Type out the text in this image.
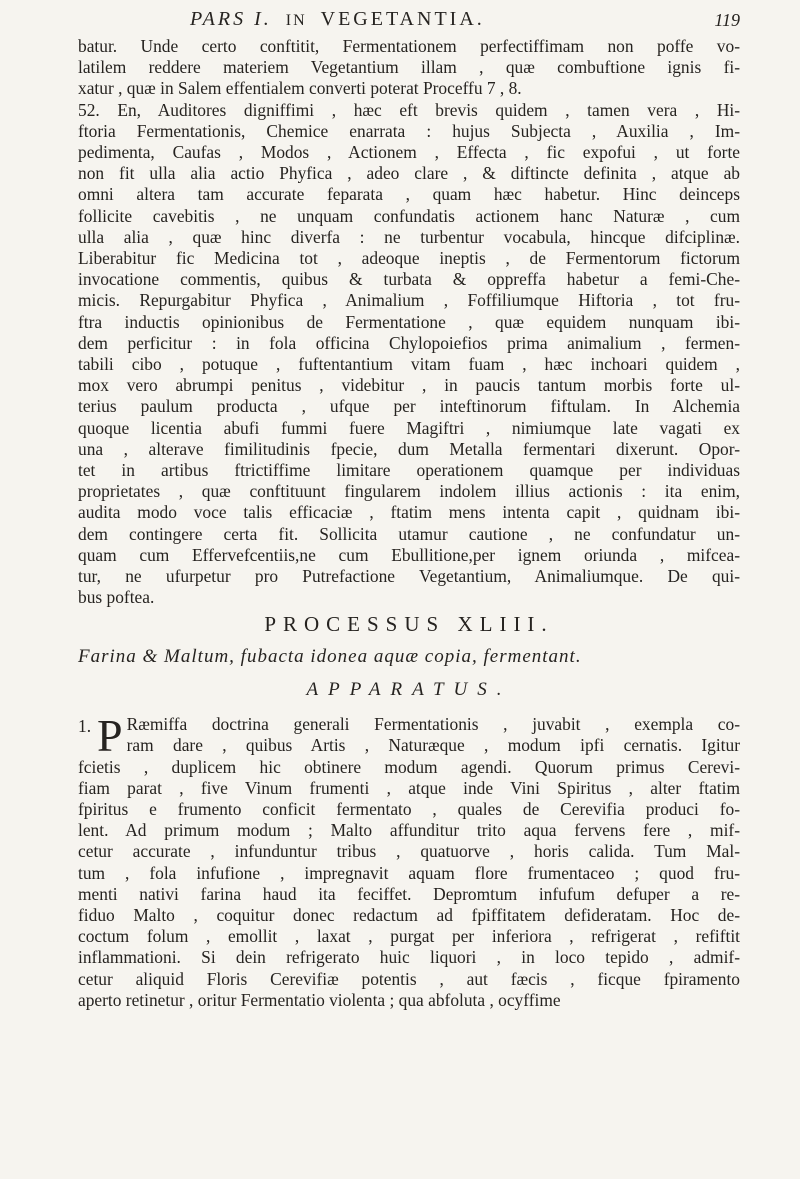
PARS I. IN VEGETANTIA.	119

batur. Unde certo conftitit, Fermentationem perfectiffimam non poffe vo-
latilem reddere materiem Vegetantium illam , quæ combuftione ignis fi-
xatur , quæ in Salem effentialem converti poterat Proceffu 7 , 8.

52. En, Auditores digniffimi , hæc eft brevis quidem , tamen vera , Hi-
ftoria Fermentationis, Chemice enarrata : hujus Subjecta , Auxilia , Im-
pedimenta, Caufas , Modos , Actionem , Effecta , fic expofui , ut forte
non fit ulla alia actio Phyfica , adeo clare , & diftincte definita , atque ab
omni altera tam accurate feparata , quam hæc habetur. Hinc deinceps
follicite cavebitis , ne unquam confundatis actionem hanc Naturæ , cum
ulla alia , quæ hinc diverfa : ne turbentur vocabula, hincque difciplinæ.
Liberabitur fic Medicina tot , adeoque ineptis , de Fermentorum fictorum
invocatione commentis, quibus & turbata & oppreffa habetur a femi-Che-
micis. Repurgabitur Phyfica , Animalium , Foffiliumque Hiftoria , tot fru-
ftra inductis opinionibus de Fermentatione , quæ equidem nunquam ibi-
dem perficitur : in fola officina Chylopoiefios prima animalium , fermen-
tabili cibo , potuque , fuftentantium vitam fuam , hæc inchoari quidem ,
mox vero abrumpi penitus , videbitur , in paucis tantum morbis forte ul-
terius paulum producta , ufque per inteftinorum fiftulam. In Alchemia
quoque licentia abufi fummi fuere Magiftri , nimiumque late vagati ex
una , alterave fimilitudinis fpecie, dum Metalla fermentari dixerunt. Opor-
tet in artibus ftrictiffime limitare operationem quamque per individuas
proprietates , quæ conftituunt fingularem indolem illius actionis : ita enim,
audita modo voce talis efficaciæ , ftatim mens intenta capit , quidnam ibi-
dem contingere certa fit. Sollicita utamur cautione , ne confundatur un-
quam cum Effervefcentiis,ne cum Ebullitione,per ignem oriunda , mifcea-
tur, ne ufurpetur pro Putrefactione Vegetantium, Animaliumque. De qui-
bus poftea.

PROCESSUS XLIII.
Farina & Maltum, fubacta idonea aquæ copia, fermentant.
APPARATUS.

1. P Ræmiffa doctrina generali Fermentationis , juvabit , exempla co-
ram dare , quibus Artis , Naturæque , modum ipfi cernatis. Igitur
fcietis , duplicem hic obtinere modum agendi. Quorum primus Cerevi-
fiam parat , five Vinum frumenti , atque inde Vini Spiritus , alter ftatim
fpiritus e frumento conficit fermentato , quales de Cerevifia produci fo-
lent. Ad primum modum ; Malto affunditur trito aqua fervens fere , mif-
cetur accurate , infunduntur tribus , quatuorve , horis calida. Tum Mal-
tum , fola infufione , impregnavit aquam flore frumentaceo ; quod fru-
menti nativi farina haud ita feciffet. Depromtum infufum defuper a re-
fiduo Malto , coquitur donec redactum ad fpiffitatem defideratam. Hoc de-
coctum folum , emollit , laxat , purgat per inferiora , refrigerat , refiftit
inflammationi. Si dein refrigerato huic liquori , in loco tepido , admif-
cetur aliquid Floris Cerevifiæ potentis , aut fæcis , ficque fpiramento
aperto retinetur , oritur Fermentatio violenta ; qua abfoluta , ocyffime
